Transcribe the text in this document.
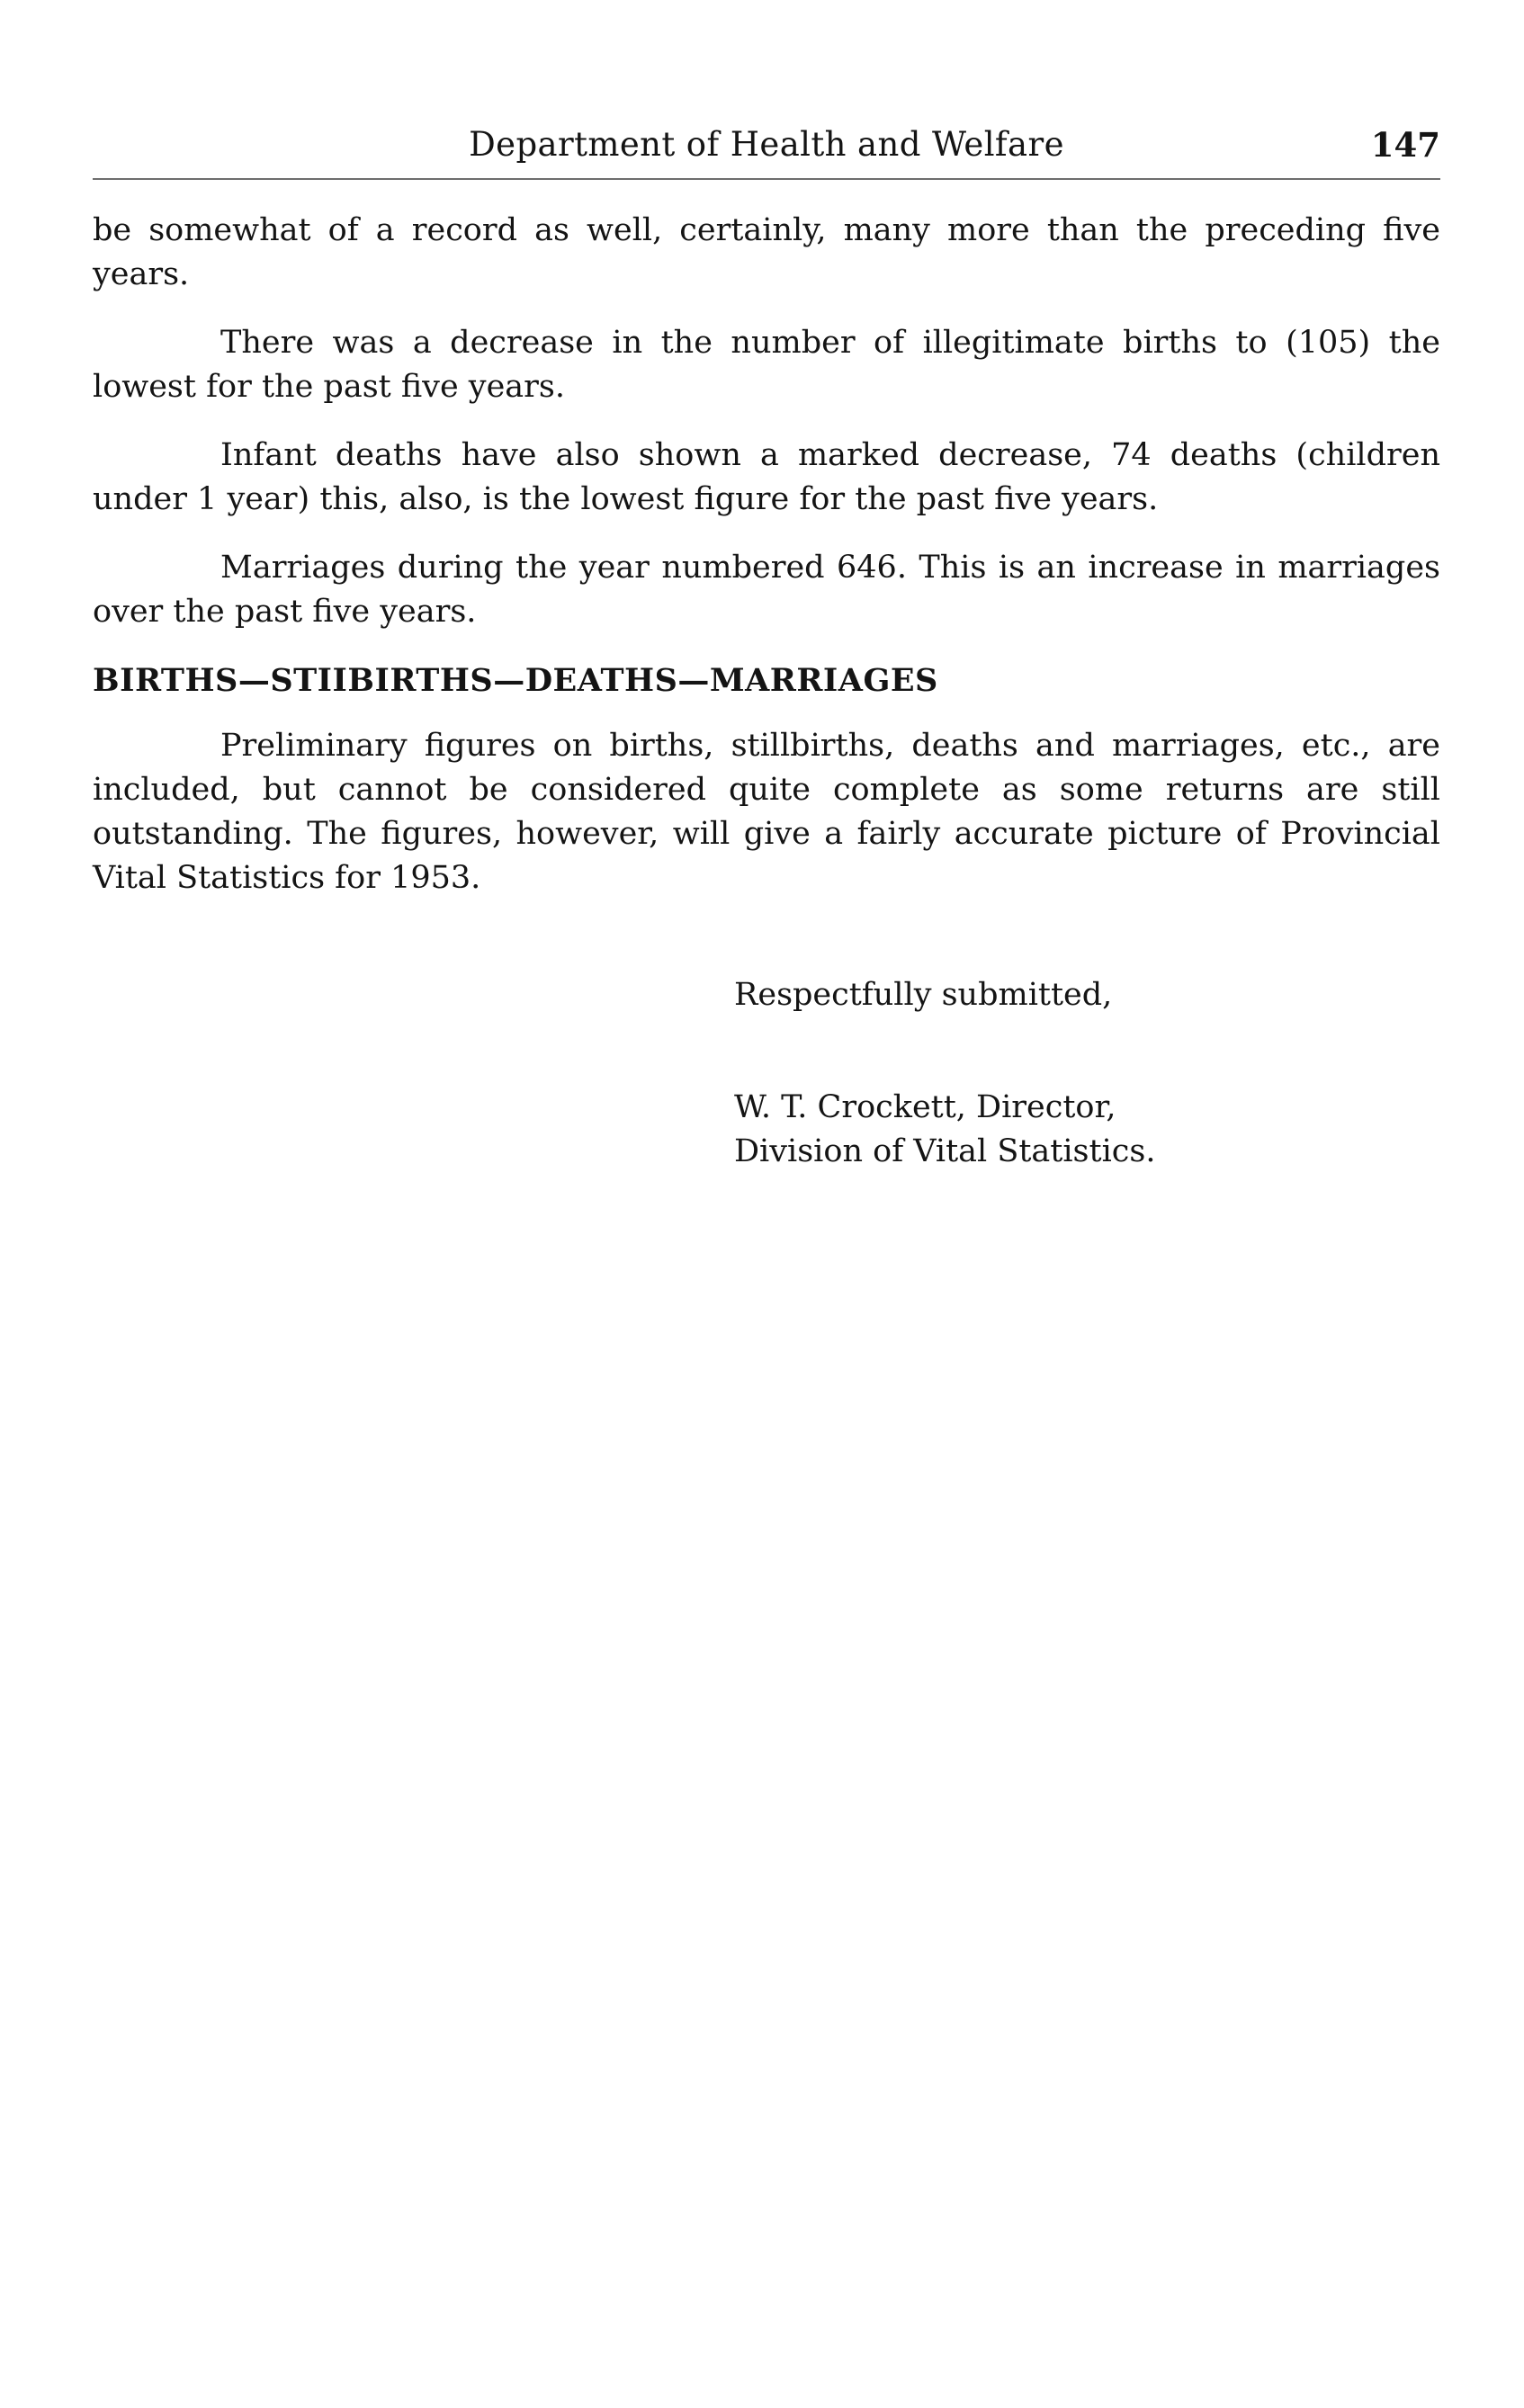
Department of Health and Welfare	147

be somewhat of a record as well, certainly, many more than the preceding five years.

There was a decrease in the number of illegitimate births to (105) the lowest for the past five years.

Infant deaths have also shown a marked decrease, 74 deaths (children under 1 year) this, also, is the lowest figure for the past five years.

Marriages during the year numbered 646. This is an increase in marriages over the past five years.

BIRTHS—STIIBIRTHS—DEATHS—MARRIAGES

Preliminary figures on births, stillbirths, deaths and marriages, etc., are included, but cannot be considered quite complete as some returns are still outstanding. The figures, however, will give a fairly accurate picture of Provincial Vital Statistics for 1953.

Respectfully submitted,
W. T. Crockett, Director,
Division of Vital Statistics.
